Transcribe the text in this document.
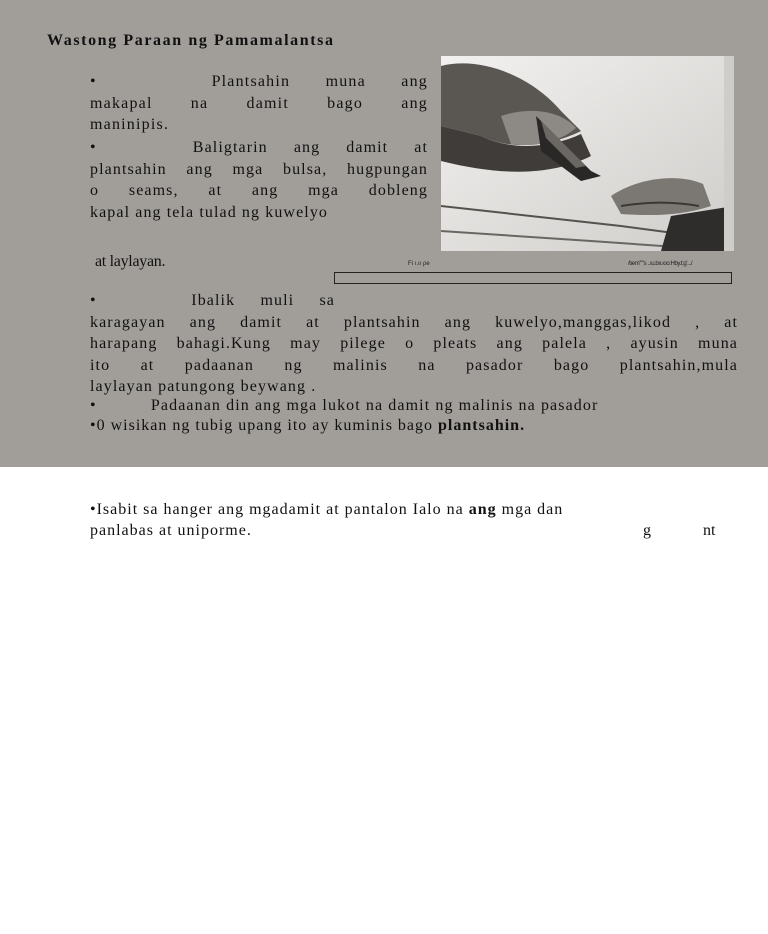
Wastong Paraan ng Pamamalantsa
•	Plantsahin muna ang
makapal na damit bago ang
maninipis.
•	Baligtarin ang damit at
plantsahin ang mga bulsa, hugpungan
o seams, at ang mga dobleng
kapal ang tela tulad ng kuwelyo
at laylayan.	Fi ı.ıı ρe	/tıem'""s ..ıu.bıı.ıoo:Hby.t;g'.../
•	Ibalik muli sa
karagayan ang damit at plantsahin ang kuwelyo,manggas,likod , at
harapang bahagi.Kung may pilege o pleats ang palela , ayusin muna
ito at padaanan ng malinis na pasador bago plantsahin,mula
laylayan patungong beywang .
•	Padaanan din ang mga lukot na damit ng malinis na pasador
•0 wisikan ng tubig upang ito ay kuminis bago plantsahin.
•Isabit sa hanger ang mgadamit at pantalon Ialo na ang mga dan
panlabas at uniporme.	g	nt
